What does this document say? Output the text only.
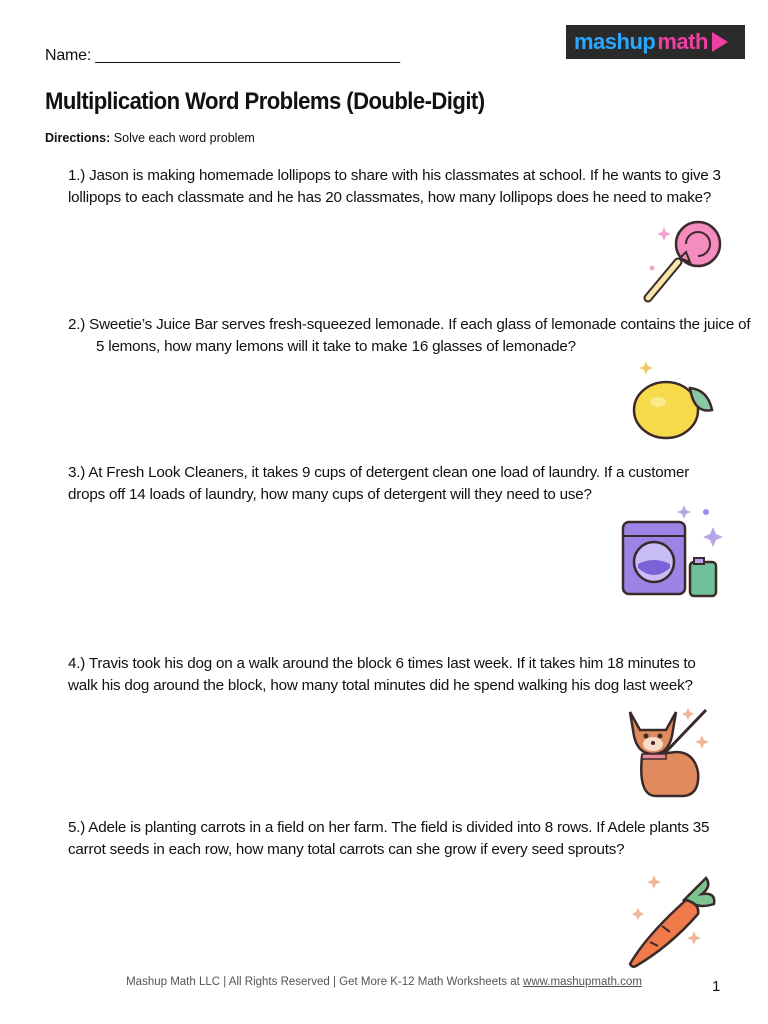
Name: ___________________________________
mashup math
Multiplication Word Problems (Double-Digit)
Directions: Solve each word problem

1.) Jason is making homemade lollipops to share with his classmates at school. If he wants to give 3 lollipops to each classmate and he has 20 classmates, how many lollipops does he need to make?

2.) Sweetie’s Juice Bar serves fresh-squeezed lemonade. If each glass of lemonade contains the juice of 5 lemons, how many lemons will it take to make 16 glasses of lemonade?

3.) At Fresh Look Cleaners, it takes 9 cups of detergent clean one load of laundry. If a customer drops off 14 loads of laundry, how many cups of detergent will they need to use?

4.) Travis took his dog on a walk around the block 6 times last week. If it takes him 18 minutes to walk his dog around the block, how many total minutes did he spend walking his dog last week?

5.) Adele is planting carrots in a field on her farm. The field is divided into 8 rows. If Adele plants 35 carrot seeds in each row, how many total carrots can she grow if every seed sprouts?

Mashup Math LLC | All Rights Reserved | Get More K-12 Math Worksheets at www.mashupmath.com	1
